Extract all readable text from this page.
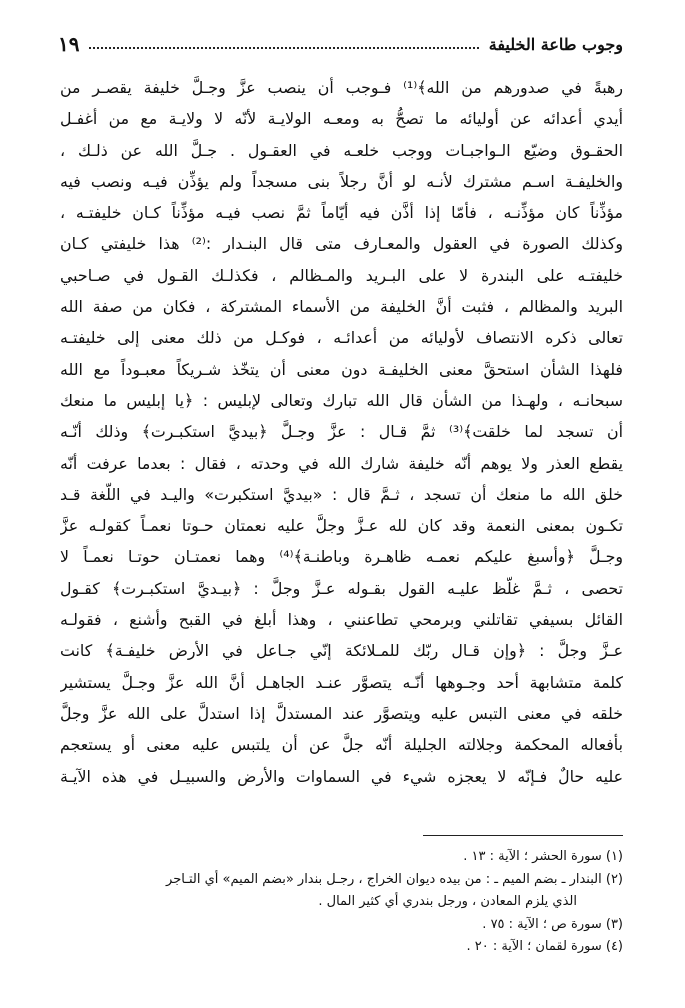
وجوب طاعة الخليفة
١٩
رهبةً في صدورهم من الله﴾⁽¹⁾ فـوجب أن ينصب عزَّ وجـلَّ خليفة يقصـر من
أيدي أعدائه عن أوليائه ما تصحُّ به ومعـه الولايـة لأنّه لا ولايـة مع من أغفـل
الحقـوق وضيّع الـواجبـات ووجب خلعـه في العقـول . جـلَّ الله عن ذلـك ،
والخليفـة اسـم مشترك لأنـه لو أنَّ رجلاً بنى مسجداً ولم يؤذِّن فيـه ونصب فيه
مؤذِّناً كان مؤذِّنـه ، فأمّا إذا أذَّن فيه أيّاماً ثمَّ نصب فيـه مؤذِّناً كـان خليفتـه ،
وكذلك الصورة في العقول والمعـارف متى قال البنـدار :⁽²⁾ هذا خليفتي كـان
خليفتـه على البندرة لا على البـريد والمـظالم ، فكذلـك القـول في صـاحبي
البريد والمظالم ، فثبت أنَّ الخليفة من الأسماء المشتركة ، فكان من صفة الله
تعالى ذكره الانتصاف لأوليائه من أعدائـه ، فوكـل من ذلك معنى إلى خليفتـه
فلهذا الشأن استحقَّ معنى الخليفـة دون معنى أن يتخّذ شـريكاً معبـوداً مع الله
سبحانـه ، ولهـذا من الشأن قال الله تبارك وتعالى لإبليس : ﴿يا إبليس ما منعك
أن تسجد لما خلقت﴾⁽³⁾ ثمَّ قـال : عزَّ وجـلَّ ﴿بيديَّ استكبـرت﴾ وذلك أنّـه
يقطع العذر ولا يوهم أنّه خليفة شارك الله في وحدته ، فقال : بعدما عرفت أنّه
خلق الله ما منعك أن تسجد ، ثـمَّ قال : «بيديَّ استكبرت» واليـد في اللّغة قـد
تكـون بمعنى النعمة وقد كان لله عـزَّ وجلَّ عليه نعمتان حـوتا نعمـاً كقولـه عزَّ
وجـلَّ ﴿وأسبغ عليكم نعمـه ظاهـرة وباطنـة﴾⁽⁴⁾ وهما نعمتـان حوتـا نعمـاً لا
تحصى ، ثـمَّ غلّظ عليـه القول بقـوله عـزَّ وجلَّ : ﴿بيـديَّ استكبـرت﴾ كقـول
القائل بسيفي تقاتلني وبرمحي تطاعنني ، وهذا أبلغ في القبح وأشنع ، فقولـه
عـزَّ وجلَّ : ﴿وإن قـال ربّك للمـلائكة إنّي جـاعل في الأرض خليفـة﴾ كانت
كلمة متشابهة أحد وجـوهها أنّـه يتصوَّر عنـد الجاهـل أنَّ الله عزَّ وجـلَّ يستشير
خلقه في معنى التبس عليه ويتصوَّر عند المستدلَّ إذا استدلَّ على الله عزَّ وجلَّ
بأفعاله المحكمة وجلالته الجليلة أنّه جلَّ عن أن يلتبس عليه معنى أو يستعجم
عليه حالٌ فـإنّه لا يعجزه شيء في السماوات والأرض والسبيـل في هذه الآيـة
(١) سورة الحشر ؛ الآية : ١٣ .
(٢) البندار ـ بضم الميم ـ : من بيده ديوان الخراج ، رجـل بندار «بضم الميم» أي التـاجر
الذي يلزم المعادن ، ورجل بندري أي كثير المال .
(٣) سورة ص ؛ الآية : ٧٥ .
(٤) سورة لقمان ؛ الآية : ٢٠ .
